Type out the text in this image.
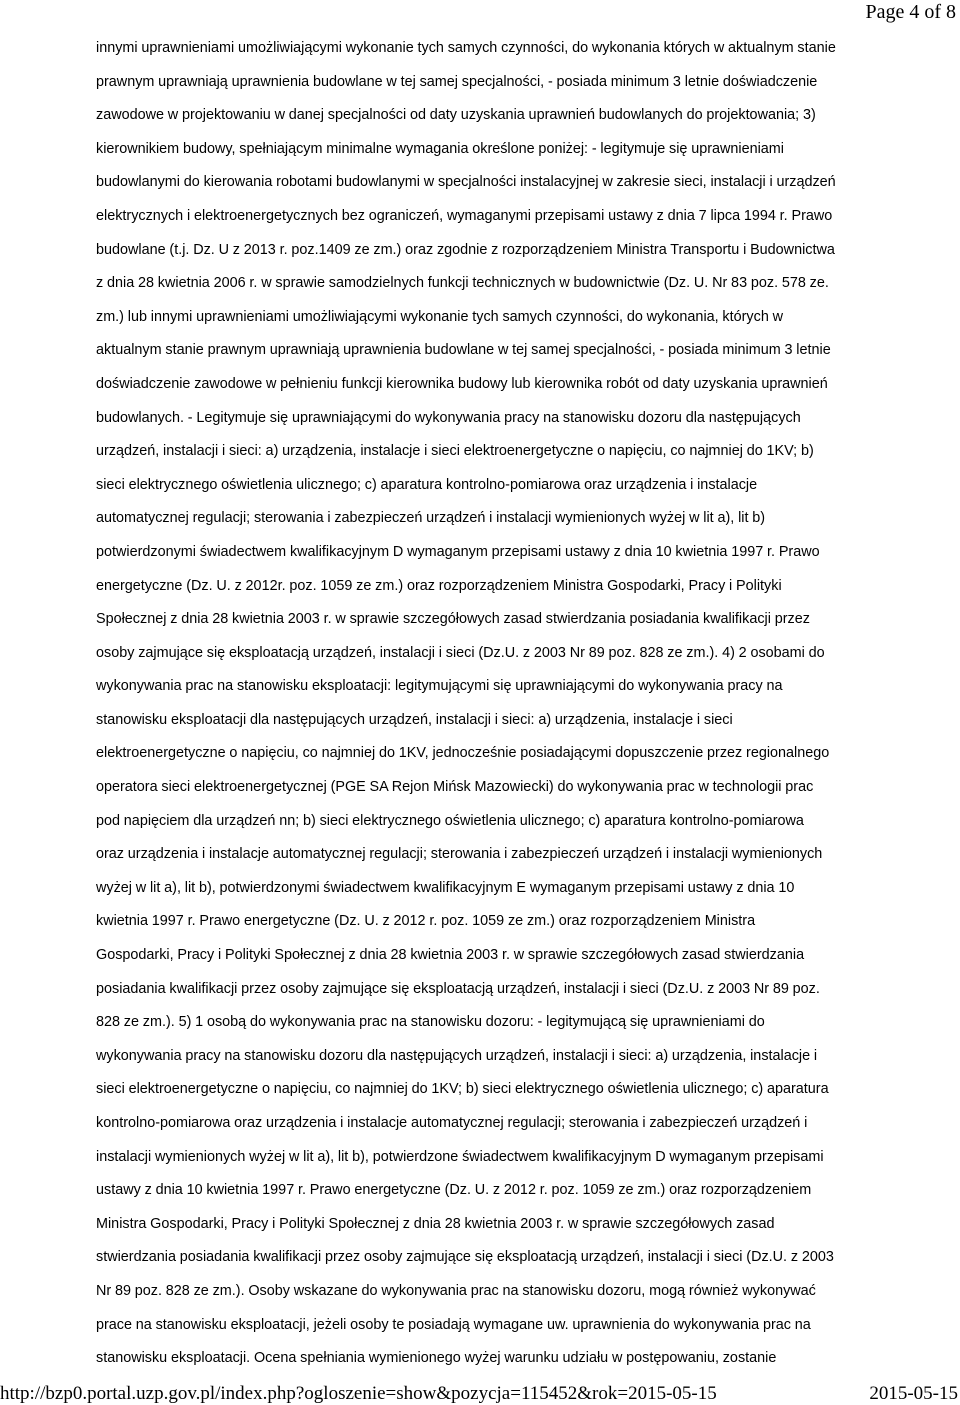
Page 4 of 8
innymi uprawnieniami umożliwiającymi wykonanie tych samych czynności, do wykonania których w aktualnym stanie
prawnym uprawniają uprawnienia budowlane w tej samej specjalności, - posiada minimum 3 letnie doświadczenie
zawodowe w projektowaniu w danej specjalności od daty uzyskania uprawnień budowlanych do projektowania; 3)
kierownikiem budowy, spełniającym minimalne wymagania określone poniżej: - legitymuje się uprawnieniami
budowlanymi do kierowania robotami budowlanymi w specjalności instalacyjnej w zakresie sieci, instalacji i urządzeń
elektrycznych i elektroenergetycznych bez ograniczeń, wymaganymi przepisami ustawy z dnia 7 lipca 1994 r. Prawo
budowlane (t.j. Dz. U z 2013 r. poz.1409 ze zm.) oraz zgodnie z rozporządzeniem Ministra Transportu i Budownictwa
z dnia 28 kwietnia 2006 r. w sprawie samodzielnych funkcji technicznych w budownictwie (Dz. U. Nr 83 poz. 578 ze.
zm.) lub innymi uprawnieniami umożliwiającymi wykonanie tych samych czynności, do wykonania, których w
aktualnym stanie prawnym uprawniają uprawnienia budowlane w tej samej specjalności, - posiada minimum 3 letnie
doświadczenie zawodowe w pełnieniu funkcji kierownika budowy lub kierownika robót od daty uzyskania uprawnień
budowlanych. - Legitymuje się uprawniającymi do wykonywania pracy na stanowisku dozoru dla następujących
urządzeń, instalacji i sieci: a) urządzenia, instalacje i sieci elektroenergetyczne o napięciu, co najmniej do 1KV; b)
sieci elektrycznego oświetlenia ulicznego; c) aparatura kontrolno-pomiarowa oraz urządzenia i instalacje
automatycznej regulacji; sterowania i zabezpieczeń urządzeń i instalacji wymienionych wyżej w lit a), lit b)
potwierdzonymi świadectwem kwalifikacyjnym D wymaganym przepisami ustawy z dnia 10 kwietnia 1997 r. Prawo
energetyczne (Dz. U. z 2012r. poz. 1059 ze zm.) oraz rozporządzeniem Ministra Gospodarki, Pracy i Polityki
Społecznej z dnia 28 kwietnia 2003 r. w sprawie szczegółowych zasad stwierdzania posiadania kwalifikacji przez
osoby zajmujące się eksploatacją urządzeń, instalacji i sieci (Dz.U. z 2003 Nr 89 poz. 828 ze zm.). 4) 2 osobami do
wykonywania prac na stanowisku eksploatacji: legitymującymi się uprawniającymi do wykonywania pracy na
stanowisku eksploatacji dla następujących urządzeń, instalacji i sieci: a) urządzenia, instalacje i sieci
elektroenergetyczne o napięciu, co najmniej do 1KV, jednocześnie posiadającymi dopuszczenie przez regionalnego
operatora sieci elektroenergetycznej (PGE SA Rejon Mińsk Mazowiecki) do wykonywania prac w technologii prac
pod napięciem dla urządzeń nn; b) sieci elektrycznego oświetlenia ulicznego; c) aparatura kontrolno-pomiarowa
oraz urządzenia i instalacje automatycznej regulacji; sterowania i zabezpieczeń urządzeń i instalacji wymienionych
wyżej w lit a), lit b), potwierdzonymi świadectwem kwalifikacyjnym E wymaganym przepisami ustawy z dnia 10
kwietnia 1997 r. Prawo energetyczne (Dz. U. z 2012 r. poz. 1059 ze zm.) oraz rozporządzeniem Ministra
Gospodarki, Pracy i Polityki Społecznej z dnia 28 kwietnia 2003 r. w sprawie szczegółowych zasad stwierdzania
posiadania kwalifikacji przez osoby zajmujące się eksploatacją urządzeń, instalacji i sieci (Dz.U. z 2003 Nr 89 poz.
828 ze zm.). 5) 1 osobą do wykonywania prac na stanowisku dozoru: - legitymującą się uprawnieniami do
wykonywania pracy na stanowisku dozoru dla następujących urządzeń, instalacji i sieci: a) urządzenia, instalacje i
sieci elektroenergetyczne o napięciu, co najmniej do 1KV; b) sieci elektrycznego oświetlenia ulicznego; c) aparatura
kontrolno-pomiarowa oraz urządzenia i instalacje automatycznej regulacji; sterowania i zabezpieczeń urządzeń i
instalacji wymienionych wyżej w lit a), lit b), potwierdzone świadectwem kwalifikacyjnym D wymaganym przepisami
ustawy z dnia 10 kwietnia 1997 r. Prawo energetyczne (Dz. U. z 2012 r. poz. 1059 ze zm.) oraz rozporządzeniem
Ministra Gospodarki, Pracy i Polityki Społecznej z dnia 28 kwietnia 2003 r. w sprawie szczegółowych zasad
stwierdzania posiadania kwalifikacji przez osoby zajmujące się eksploatacją urządzeń, instalacji i sieci (Dz.U. z 2003
Nr 89 poz. 828 ze zm.). Osoby wskazane do wykonywania prac na stanowisku dozoru, mogą również wykonywać
prace na stanowisku eksploatacji, jeżeli osoby te posiadają wymagane uw. uprawnienia do wykonywania prac na
stanowisku eksploatacji. Ocena spełniania wymienionego wyżej warunku udziału w postępowaniu, zostanie
http://bzp0.portal.uzp.gov.pl/index.php?ogloszenie=show&pozycja=115452&rok=2015-05-15	2015-05-15
